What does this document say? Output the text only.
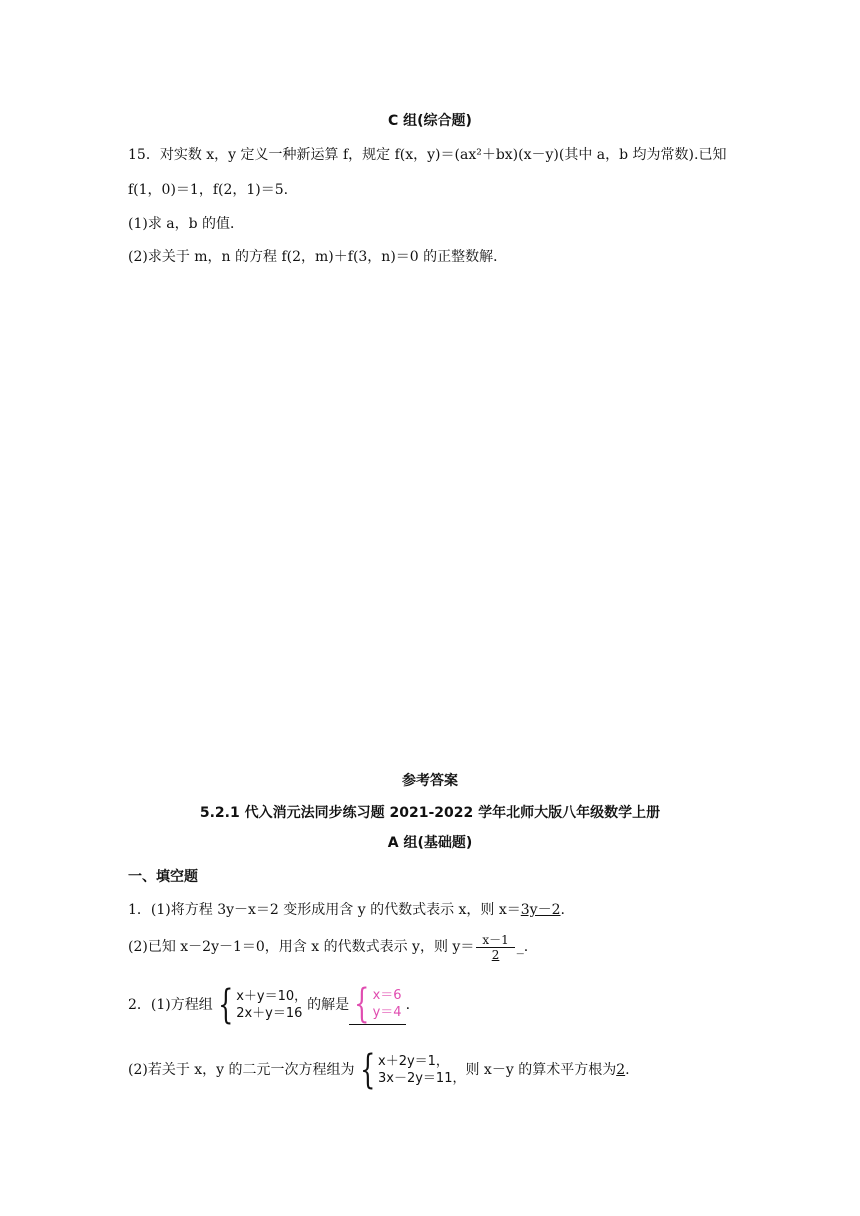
C 组(综合题)
15．对实数 x，y 定义一种新运算 f，规定 f(x，y)＝(ax²＋bx)(x－y)(其中 a，b 均为常数).已知
f(1，0)＝1，f(2，1)＝5.
(1)求 a，b 的值．
(2)求关于 m，n 的方程 f(2，m)＋f(3，n)＝0 的正整数解．
参考答案
5.2.1 代入消元法同步练习题 2021-2022 学年北师大版八年级数学上册
A 组(基础题)
一、填空题
1．(1)将方程 3y－x＝2 变形成用含 y 的代数式表示 x，则 x＝3y－2.
(2)已知 x－2y－1＝0，用含 x 的代数式表示 y，则 $y= \frac{x-1}{2}$ _.
2．(1)方程组 { x＋y＝10，
2x＋y＝16
的解是 { x＝6
y＝4 .
(2)若关于 x，y 的二元一次方程组为 { x＋2y＝1，
3x－2y＝11，
则 x－y 的算术平方根为 2 .
